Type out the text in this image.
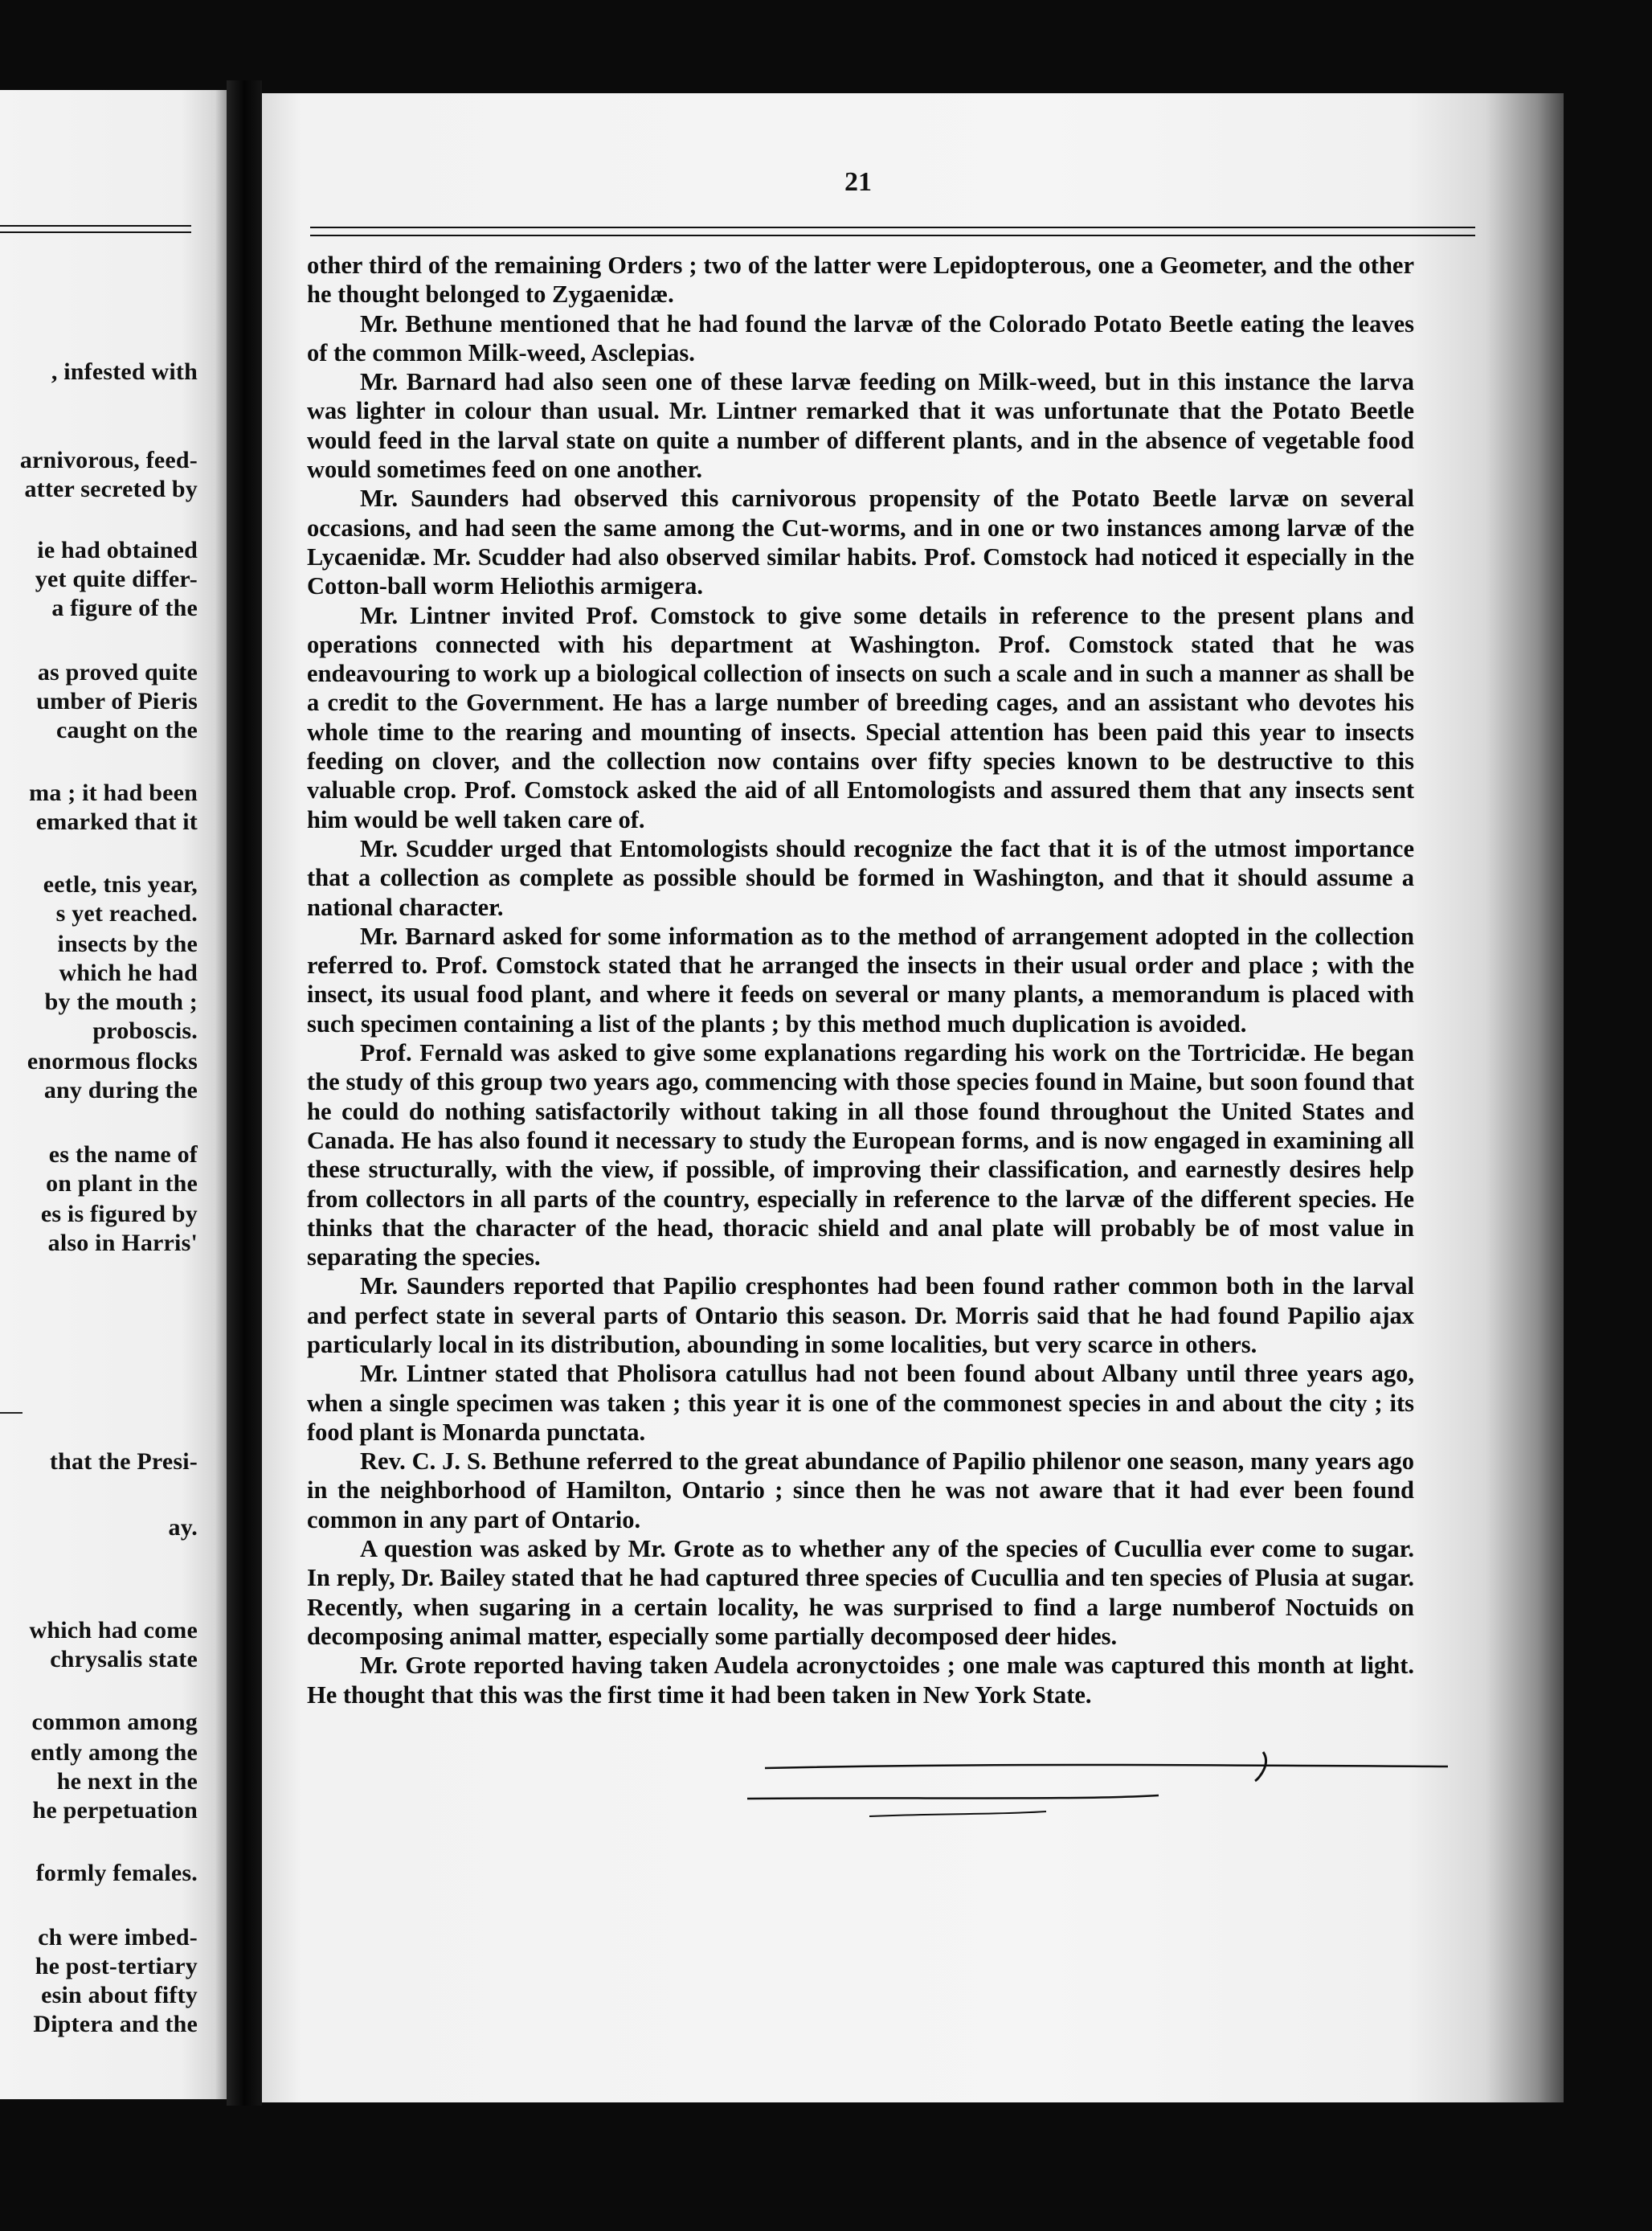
, infested with
arnivorous, feed-
atter secreted by
ie had obtained
yet quite differ-
a figure of the
as proved quite
umber of Pieris
caught on the
ma ; it had been
emarked that it
eetle, tnis year,
s yet reached.
insects by the
which he had
by the mouth ;
proboscis.
enormous flocks
any during the
es the name of
on plant in the
es is figured by
also in Harris'
that the Presi-
ay.
which had come
chrysalis state
common among
ently among the
he next in the
he perpetuation
formly females.
ch were imbed-
he post-tertiary
esin about fifty
Diptera and the
21

other third of the remaining Orders ; two of the latter were Lepidopterous, one a Geometer, and the other he thought belonged to Zygaenidæ.

Mr. Bethune mentioned that he had found the larvæ of the Colorado Potato Beetle eating the leaves of the common Milk-weed, Asclepias.

Mr. Barnard had also seen one of these larvæ feeding on Milk-weed, but in this instance the larva was lighter in colour than usual. Mr. Lintner remarked that it was unfortunate that the Potato Beetle would feed in the larval state on quite a number of different plants, and in the absence of vegetable food would sometimes feed on one another.

Mr. Saunders had observed this carnivorous propensity of the Potato Beetle larvæ on several occasions, and had seen the same among the Cut-worms, and in one or two instances among larvæ of the Lycaenidæ. Mr. Scudder had also observed similar habits. Prof. Comstock had noticed it especially in the Cotton-ball worm Heliothis armigera.

Mr. Lintner invited Prof. Comstock to give some details in reference to the present plans and operations connected with his department at Washington. Prof. Comstock stated that he was endeavouring to work up a biological collection of insects on such a scale and in such a manner as shall be a credit to the Government. He has a large number of breeding cages, and an assistant who devotes his whole time to the rearing and mounting of insects. Special attention has been paid this year to insects feeding on clover, and the collection now contains over fifty species known to be destructive to this valuable crop. Prof. Comstock asked the aid of all Entomologists and assured them that any insects sent him would be well taken care of.

Mr. Scudder urged that Entomologists should recognize the fact that it is of the utmost importance that a collection as complete as possible should be formed in Washington, and that it should assume a national character.

Mr. Barnard asked for some information as to the method of arrangement adopted in the collection referred to. Prof. Comstock stated that he arranged the insects in their usual order and place ; with the insect, its usual food plant, and where it feeds on several or many plants, a memorandum is placed with such specimen containing a list of the plants ; by this method much duplication is avoided.

Prof. Fernald was asked to give some explanations regarding his work on the Tortricidæ. He began the study of this group two years ago, commencing with those species found in Maine, but soon found that he could do nothing satisfactorily without taking in all those found throughout the United States and Canada. He has also found it necessary to study the European forms, and is now engaged in examining all these structurally, with the view, if possible, of improving their classification, and earnestly desires help from collectors in all parts of the country, especially in reference to the larvæ of the different species. He thinks that the character of the head, thoracic shield and anal plate will probably be of most value in separating the species.

Mr. Saunders reported that Papilio cresphontes had been found rather common both in the larval and perfect state in several parts of Ontario this season. Dr. Morris said that he had found Papilio ajax particularly local in its distribution, abounding in some localities, but very scarce in others.

Mr. Lintner stated that Pholisora catullus had not been found about Albany until three years ago, when a single specimen was taken ; this year it is one of the commonest species in and about the city ; its food plant is Monarda punctata.

Rev. C. J. S. Bethune referred to the great abundance of Papilio philenor one season, many years ago in the neighborhood of Hamilton, Ontario ; since then he was not aware that it had ever been found common in any part of Ontario.

A question was asked by Mr. Grote as to whether any of the species of Cucullia ever come to sugar. In reply, Dr. Bailey stated that he had captured three species of Cucullia and ten species of Plusia at sugar. Recently, when sugaring in a certain locality, he was surprised to find a large numberof Noctuids on decomposing animal matter, especially some partially decomposed deer hides.

Mr. Grote reported having taken Audela acronyctoides ; one male was captured this month at light. He thought that this was the first time it had been taken in New York State.
